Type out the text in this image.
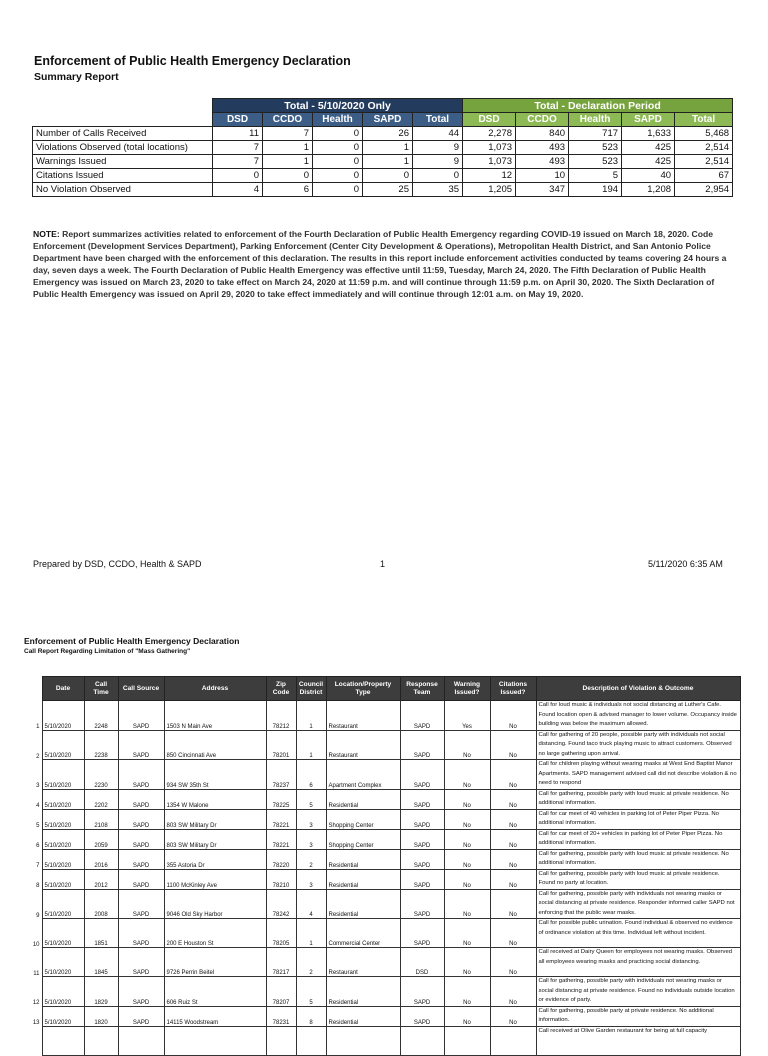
Enforcement of Public Health Emergency Declaration
Summary Report
	Total - 5/10/2020 Only					Total - Declaration Period				
	DSD	CCDO	Health	SAPD	Total	DSD	CCDO	Health	SAPD	Total
Number of Calls Received	11	7	0	26	44	2,278	840	717	1,633	5,468
Violations Observed (total locations)	7	1	0	1	9	1,073	493	523	425	2,514
Warnings Issued	7	1	0	1	9	1,073	493	523	425	2,514
Citations Issued	0	0	0	0	0	12	10	5	40	67
No Violation Observed	4	6	0	25	35	1,205	347	194	1,208	2,954
NOTE: Report summarizes activities related to enforcement of the Fourth Declaration of Public Health Emergency regarding COVID-19 issued on March 18, 2020. Code Enforcement (Development Services Department), Parking Enforcement (Center City Development & Operations), Metropolitan Health District, and San Antonio Police Department have been charged with the enforcement of this declaration. The results in this report include enforcement activities conducted by teams covering 24 hours a day, seven days a week. The Fourth Declaration of Public Health Emergency was effective until 11:59, Tuesday, March 24, 2020. The Fifth Declaration of Public Health Emergency was issued on March 23, 2020 to take effect on March 24, 2020 at 11:59 p.m. and will continue through 11:59 p.m. on April 30, 2020. The Sixth Declaration of Public Health Emergency was issued on April 29, 2020 to take effect immediately and will continue through 12:01 a.m. on May 19, 2020.
Prepared by DSD, CCDO, Health & SAPD	1	5/11/2020 6:35 AM
Enforcement of Public Health Emergency Declaration
Call Report Regarding Limitation of "Mass Gathering"
	Date	Call Time	Call Source	Address	Zip Code	Council District	Location/Property Type	Response Team	Warning Issued?	Citations Issued?	Description of Violation & Outcome
1	5/10/2020	2248	SAPD	1503 N Main Ave	78212	1	Restaurant	SAPD	Yes	No	Call for loud music & individuals not social distancing at Luther's Cafe. Found location open & advised manager to lower volume. Occupancy inside building was below the maximum allowed.
2	5/10/2020	2238	SAPD	850 Cincinnati Ave	78201	1	Restaurant	SAPD	No	No	Call for gathering of 20 people, possible party with individuals not social distancing. Found taco truck playing music to attract customers. Observed no large gathering upon arrival.
3	5/10/2020	2230	SAPD	934 SW 35th St	78237	6	Apartment Complex	SAPD	No	No	Call for children playing without wearing masks at West End Baptist Manor Apartments. SAPD management advised call did not describe violation & no need to respond
4	5/10/2020	2202	SAPD	1354 W Malone	78225	5	Residential	SAPD	No	No	Call for gathering, possible party with loud music at private residence. No additional information.
5	5/10/2020	2108	SAPD	803 SW Military Dr	78221	3	Shopping Center	SAPD	No	No	Call for car meet of 40 vehicles in parking lot of Peter Piper Pizza. No additional information.
6	5/10/2020	2059	SAPD	803 SW Military Dr	78221	3	Shopping Center	SAPD	No	No	Call for car meet of 20+ vehicles in parking lot of Peter Piper Pizza. No additional information.
7	5/10/2020	2016	SAPD	355 Astoria Dr	78220	2	Residential	SAPD	No	No	Call for gathering, possible party with loud music at private residence. No additional information.
8	5/10/2020	2012	SAPD	1100 McKinley Ave	78210	3	Residential	SAPD	No	No	Call for gathering, possible party with loud music at private residence. Found no party at location.
9	5/10/2020	2008	SAPD	9046 Old Sky Harbor	78242	4	Residential	SAPD	No	No	Call for gathering, possible party with individuals not wearing masks or social distancing at private residence. Responder informed caller SAPD not enforcing that the public wear masks.
10	5/10/2020	1851	SAPD	200 E Houston St	78205	1	Commercial Center	SAPD	No	No	Call for possible public urination. Found individual & observed no evidence of ordinance violation at this time. Individual left without incident.
11	5/10/2020	1845	SAPD	9726 Perrin Beitel	78217	2	Restaurant	DSD	No	No	Call received at Dairy Queen for employees not wearing masks. Observed all employees wearing masks and practicing social distancing.
12	5/10/2020	1829	SAPD	606 Ruiz St	78207	5	Residential	SAPD	No	No	Call for gathering, possible party with individuals not wearing masks or social distancing at private residence. Found no individuals outside location or evidence of party.
13	5/10/2020	1820	SAPD	14115 Woodstream	78231	8	Residential	SAPD	No	No	Call for gathering, possible party at private residence. No additional information.
											Call received at Olive Garden restaurant for being at full capacity
